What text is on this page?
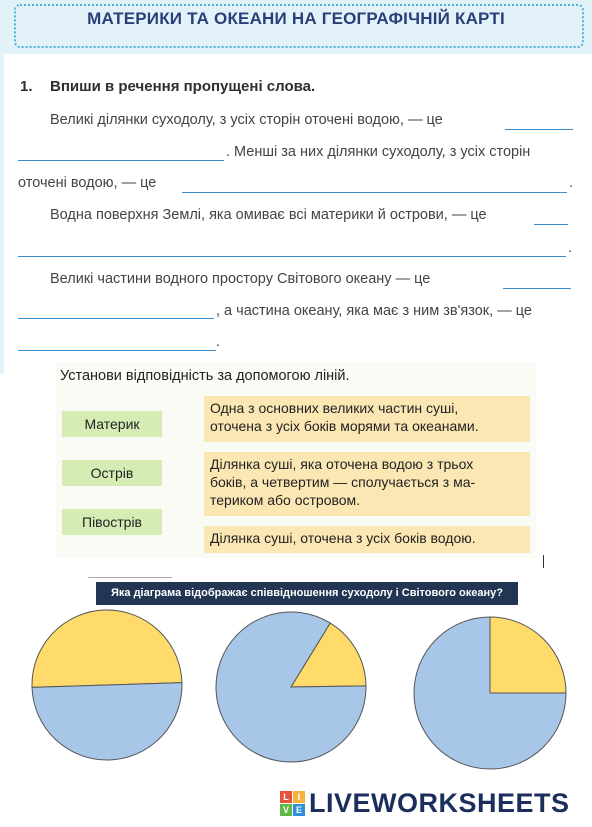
МАТЕРИКИ ТА ОКЕАНИ НА ГЕОГРАФІЧНІЙ КАРТІ
1. Впиши в речення пропущені слова.
Великі ділянки суходолу, з усіх сторін оточені водою, — це
. Менші за них ділянки суходолу, з усіх сторін
оточені водою, — це	.
Водна поверхня Землі, яка омиває всі материки й острови, — це
.
Великі частини водного простору Світового океану — це
, а частина океану, яка має з ним зв'язок, — це
.
Установи відповідність за допомогою ліній.
Материк
Острів
Півострів
Одна з основних великих частин суші,
оточена з усіх боків морями та океанами.
Ділянка суші, яка оточена водою з трьох
боків, а четвертим — сполучається з ма-
териком або островом.
Ділянка суші, оточена з усіх боків водою.
Яка діаграма відображає співвідношення суходолу і Світового океану?
L I
V E LIVEWORKSHEETS
